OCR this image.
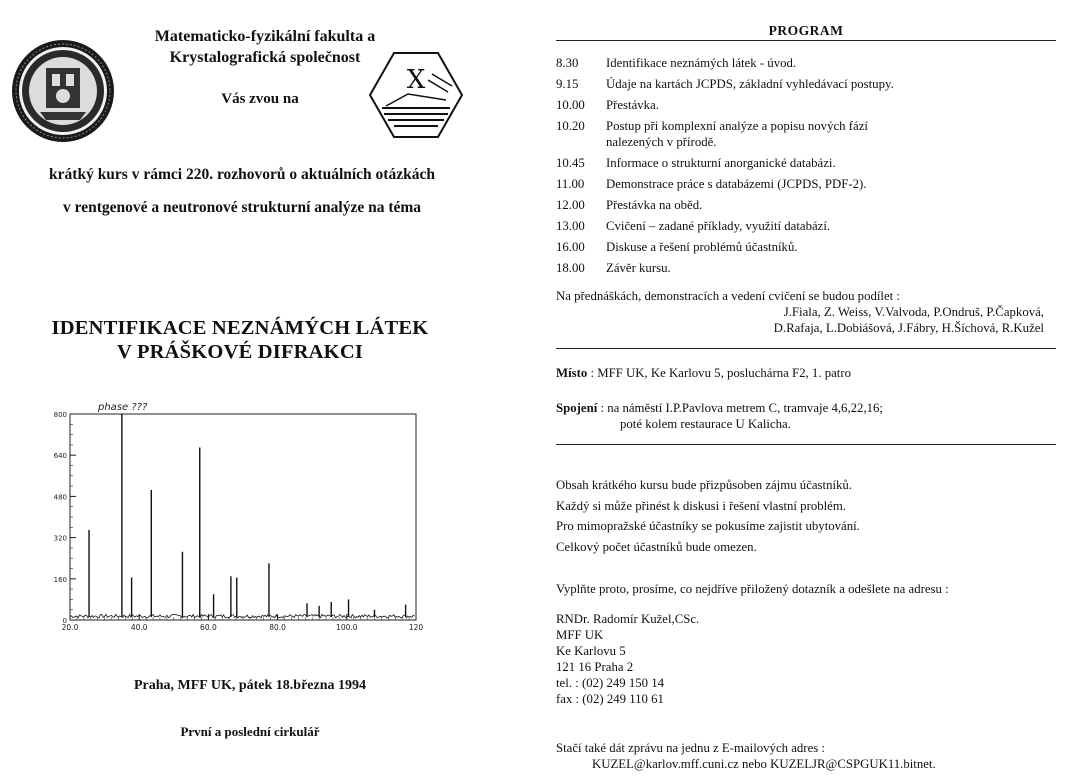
Matematicko-fyzikální fakulta a
Krystalografická společnost
Vás zvou na
X
krátký kurs v rámci 220. rozhovorů o aktuálních otázkách
v rentgenové a neutronové strukturní analýze na téma
IDENTIFIKACE NEZNÁMÝCH LÁTEK
V PRÁŠKOVÉ DIFRAKCI
phase ???
0
160
320
480
640
800
20.0	40.0	60.0	80.0	100.0	120
Praha, MFF UK, pátek 18.března 1994
První a poslední cirkulář
PROGRAM
8.30	Identifikace neznámých látek - úvod.
9.15	Údaje na kartách JCPDS, základní vyhledávací postupy.
10.00	Přestávka.
10.20	Postup při komplexní analýze a popisu nových fází
nalezených v přírodě.
10.45	Informace o strukturní anorganické databázi.
11.00	Demonstrace práce s databázemi (JCPDS, PDF-2).
12.00	Přestávka na oběd.
13.00	Cvičení – zadané příklady, využití databází.
16.00	Diskuse a řešení problémů účastníků.
18.00	Závěr kursu.
Na přednáškách, demonstracích a vedení cvičení se budou podílet :
J.Fiala, Z. Weiss, V.Valvoda, P.Ondruš, P.Čapková,
D.Rafaja, L.Dobiášová, J.Fábry, H.Šíchová, R.Kužel
Místo : MFF UK, Ke Karlovu 5, posluchárna F2, 1. patro
Spojení : na náměstí I.P.Pavlova metrem C, tramvaje 4,6,22,16;
poté kolem restaurace U Kalicha.
Obsah krátkého kursu bude přizpůsoben zájmu účastníků.
Každý si může přinést k diskusi i řešení vlastní problém.
Pro mimopražské účastníky se pokusíme zajistit ubytování.
Celkový počet účastníků bude omezen.
Vyplňte proto, prosíme, co nejdříve přiložený dotazník a odešlete na adresu :
RNDr. Radomír Kužel,CSc.
MFF UK
Ke Karlovu 5
121 16 Praha 2
tel. : (02) 249 150 14
fax : (02) 249 110 61
Stačí také dát zprávu na jednu z E-mailových adres :
KUZEL@karlov.mff.cuni.cz nebo KUZELJR@CSPGUK11.bitnet.
